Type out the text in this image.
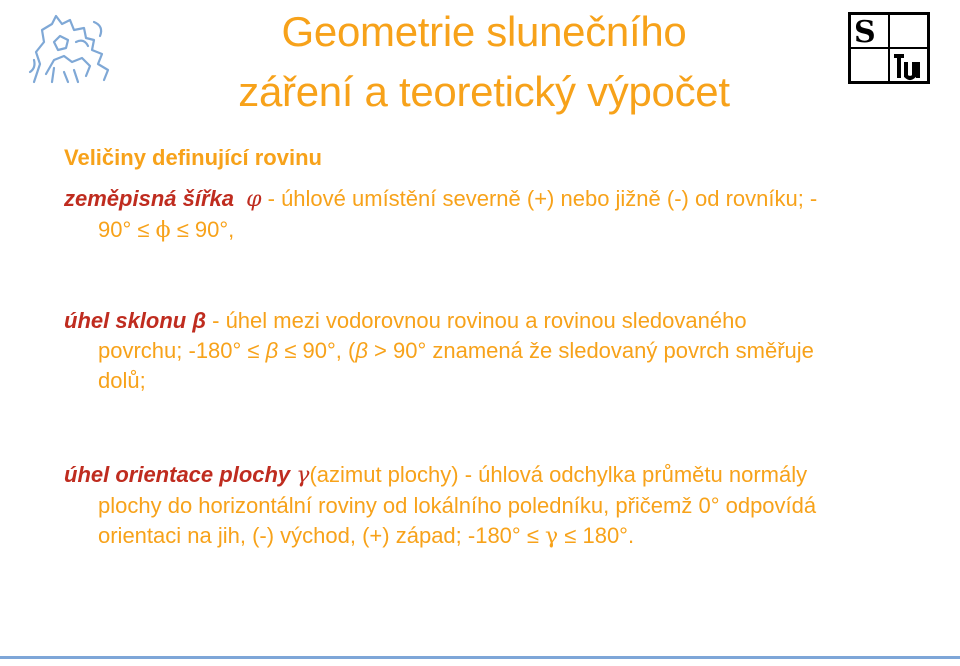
S
Geometrie slunečního
záření a teoretický výpočet
Veličiny definující rovinu
zeměpisná šířka φ - úhlové umístění severně (+) nebo jižně (-) od rovníku; -
90° ≤ ϕ ≤ 90°,
úhel sklonu β - úhel mezi vodorovnou rovinou a rovinou sledovaného
povrchu; -180° ≤ β ≤ 90°, (β > 90° znamená že sledovaný povrch směřuje
dolů;
úhel orientace plochy γ(azimut plochy) - úhlová odchylka průmětu normály
plochy do horizontální roviny od lokálního poledníku, přičemž 0° odpovídá
orientaci na jih, (-) východ, (+) západ; -180° ≤ γ ≤ 180°.
